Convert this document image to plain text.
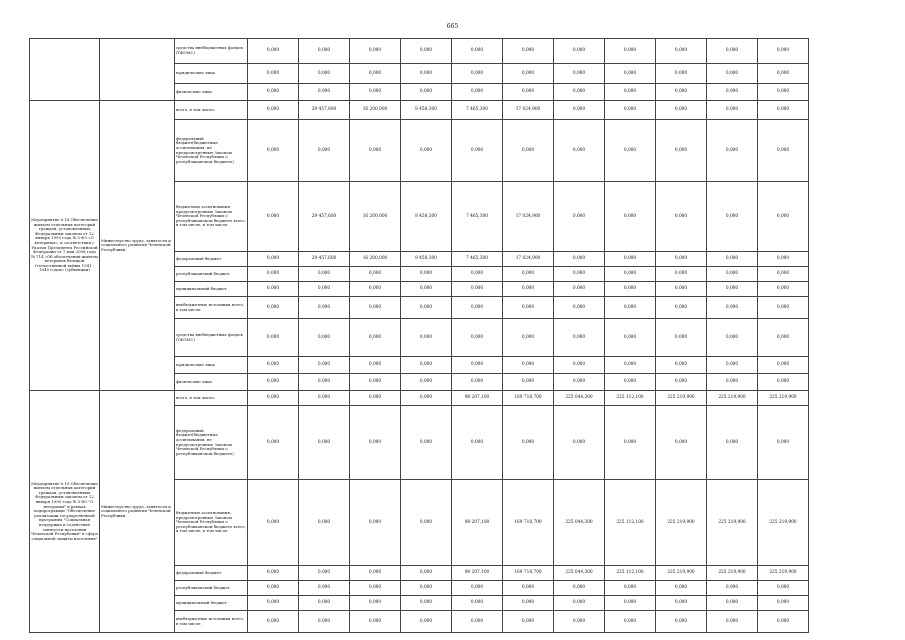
665
		средства внебюджетных фондов (ТФОМС)	0,000	0,000	0,000	0,000	0,000	0,000	0,000	0,000	0,000	0,000	0,000
		юридические лица	0,000	0,000	0,000	0,000	0,000	0,000	0,000	0,000	0,000	0,000	0,000
		физические лица	0,000	0,000	0,000	0,000	0,000	0,000	0,000	0,000	0,000	0,000	0,000
Мероприятие 6.18 Обеспечение жильем отдельных категорий граждан, установленных Федеральным законом от 12 января 1995 года № 5-ФЗ «О ветеранах», в соответствии с Указом Президента Российской Федерации от 7 мая 2008 года № 714 «Об обеспечении жильем ветеранов Великой Отечественной войны 1941 - 1945 годов» (субвенции)	Министерство труда, занятости и социального развития Чеченской Республики	всего, в том числе:	0,000	29 457,600	16 200,000	8 458,300	7 465,300	17 024,900	0,000	0,000	0,000	0,000	0,000
		федеральный бюджет(бюджетные ассигнования, не предусмотренные Законом Чеченской Республики о республиканском бюджете)	0,000	0,000	0,000	0,000	0,000	0,000	0,000	0,000	0,000	0,000	0,000
		бюджетные ассигнования, предусмотренные Законом Чеченской Республики о республиканском бюджете всего, в том числе, в том числе:	0,000	29 457,600	16 200,000	8 458,300	7 465,300	17 024,900	0,000	0,000	0,000	0,000	0,000
		федеральный бюджет	0,000	29 457,600	16 200,000	8 458,300	7 465,300	17 024,900	0,000	0,000	0,000	0,000	0,000
		республиканский бюджет	0,000	0,000	0,000	0,000	0,000	0,000	0,000	0,000	0,000	0,000	0,000
		муниципальный бюджет	0,000	0,000	0,000	0,000	0,000	0,000	0,000	0,000	0,000	0,000	0,000
		внебюджетные источники всего, в том числе:	0,000	0,000	0,000	0,000	0,000	0,000	0,000	0,000	0,000	0,000	0,000
		средства внебюджетных фондов (ТФОМС)	0,000	0,000	0,000	0,000	0,000	0,000	0,000	0,000	0,000	0,000	0,000
		юридические лица	0,000	0,000	0,000	0,000	0,000	0,000	0,000	0,000	0,000	0,000	0,000
		физические лица	0,000	0,000	0,000	0,000	0,000	0,000	0,000	0,000	0,000	0,000	0,000
Мероприятие 6.19 Обеспечение жильем отдельных категорий граждан, установленных Федеральным законом от 12 января 1995 года № 5-ФЗ "О ветеранах" в рамках подпрограммы "Обеспечение реализации государственной программы "Социальная поддержка и содействие занятости населения Чеченской Республики" в сфере социальной защиты населения"	Министерство труда, занятости и социального развития Чеченской Республики	всего, в том числе:	0,000	0,000	0,000	0,000	98 207,100	169 718,700	225 044,300	225 112,100	225 219,900	225 219,900	225 219,900
		федеральный бюджет(бюджетные ассигнования, не предусмотренные Законом Чеченской Республики о республиканском бюджете)	0,000	0,000	0,000	0,000	0,000	0,000	0,000	0,000	0,000	0,000	0,000
		бюджетные ассигнования, предусмотренные Законом Чеченской Республики о республиканском бюджете всего, в том числе, в том числе:	0,000	0,000	0,000	0,000	98 207,100	169 718,700	225 044,300	225 112,100	225 219,900	225 219,900	225 219,900
		федеральный бюджет	0,000	0,000	0,000	0,000	98 207,100	169 718,700	225 044,300	225 112,100	225 219,900	225 219,900	225 219,900
		республиканский бюджет	0,000	0,000	0,000	0,000	0,000	0,000	0,000	0,000	0,000	0,000	0,000
		муниципальный бюджет	0,000	0,000	0,000	0,000	0,000	0,000	0,000	0,000	0,000	0,000	0,000
		внебюджетные источники всего, в том числе:	0,000	0,000	0,000	0,000	0,000	0,000	0,000	0,000	0,000	0,000	0,000
